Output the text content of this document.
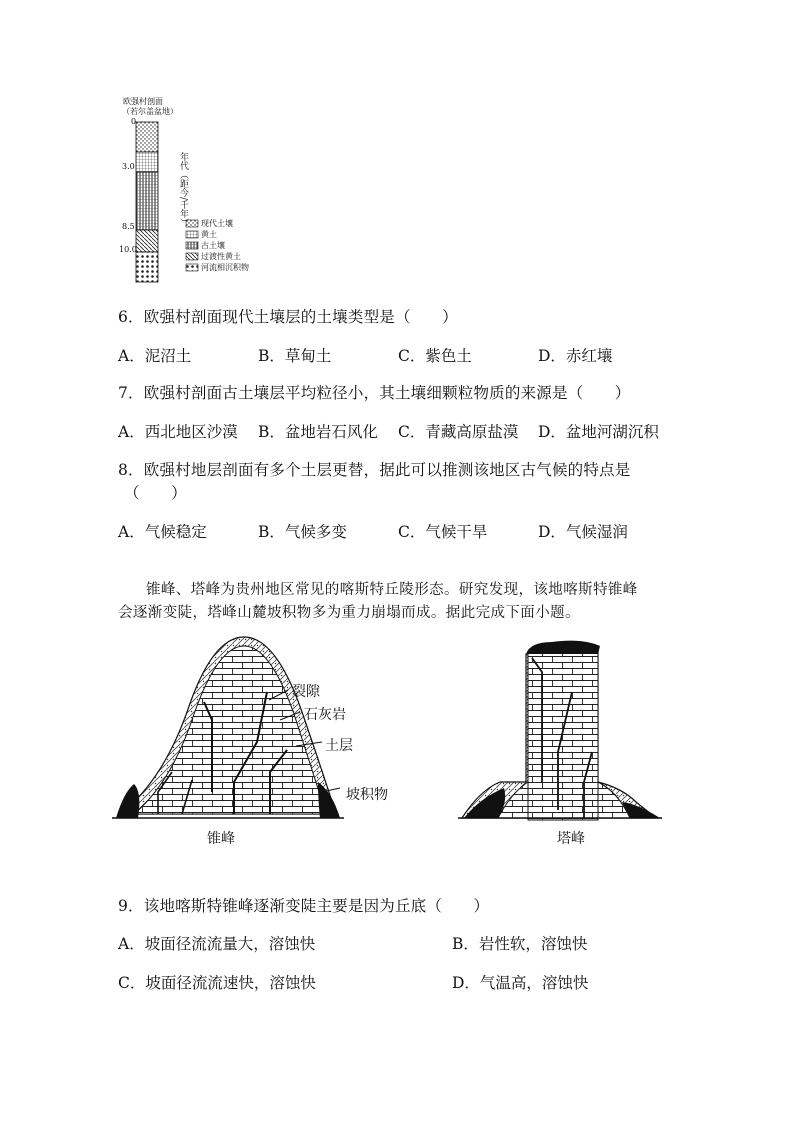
欧强村剖面
（若尔盖盆地）
0
3.0
8.5
10.0
年代（距今/千年） 现代土壤
黄土
古土壤
过渡性黄土
河流相沉积物
6．欧强村剖面现代土壤层的土壤类型是（　　）
A．泥沼土	B．草甸土	C．紫色土	D．赤红壤
7．欧强村剖面古土壤层平均粒径小，其土壤细颗粒物质的来源是（　　）
A．西北地区沙漠 B．盆地岩石风化 C．青藏高原盐漠 D．盆地河湖沉积
8．欧强村地层剖面有多个土层更替，据此可以推测该地区古气候的特点是
（　　）
A．气候稳定	B．气候多变	C．气候干旱	D．气候湿润
锥峰、塔峰为贵州地区常见的喀斯特丘陵形态。研究发现，该地喀斯特锥峰
会逐渐变陡，塔峰山麓坡积物多为重力崩塌而成。据此完成下面小题。
裂隙
石灰岩
土层
坡积物
锥峰	塔峰
9．该地喀斯特锥峰逐渐变陡主要是因为丘底（　　）
A．坡面径流流量大，溶蚀快	B．岩性软，溶蚀快
C．坡面径流流速快，溶蚀快	D．气温高，溶蚀快
